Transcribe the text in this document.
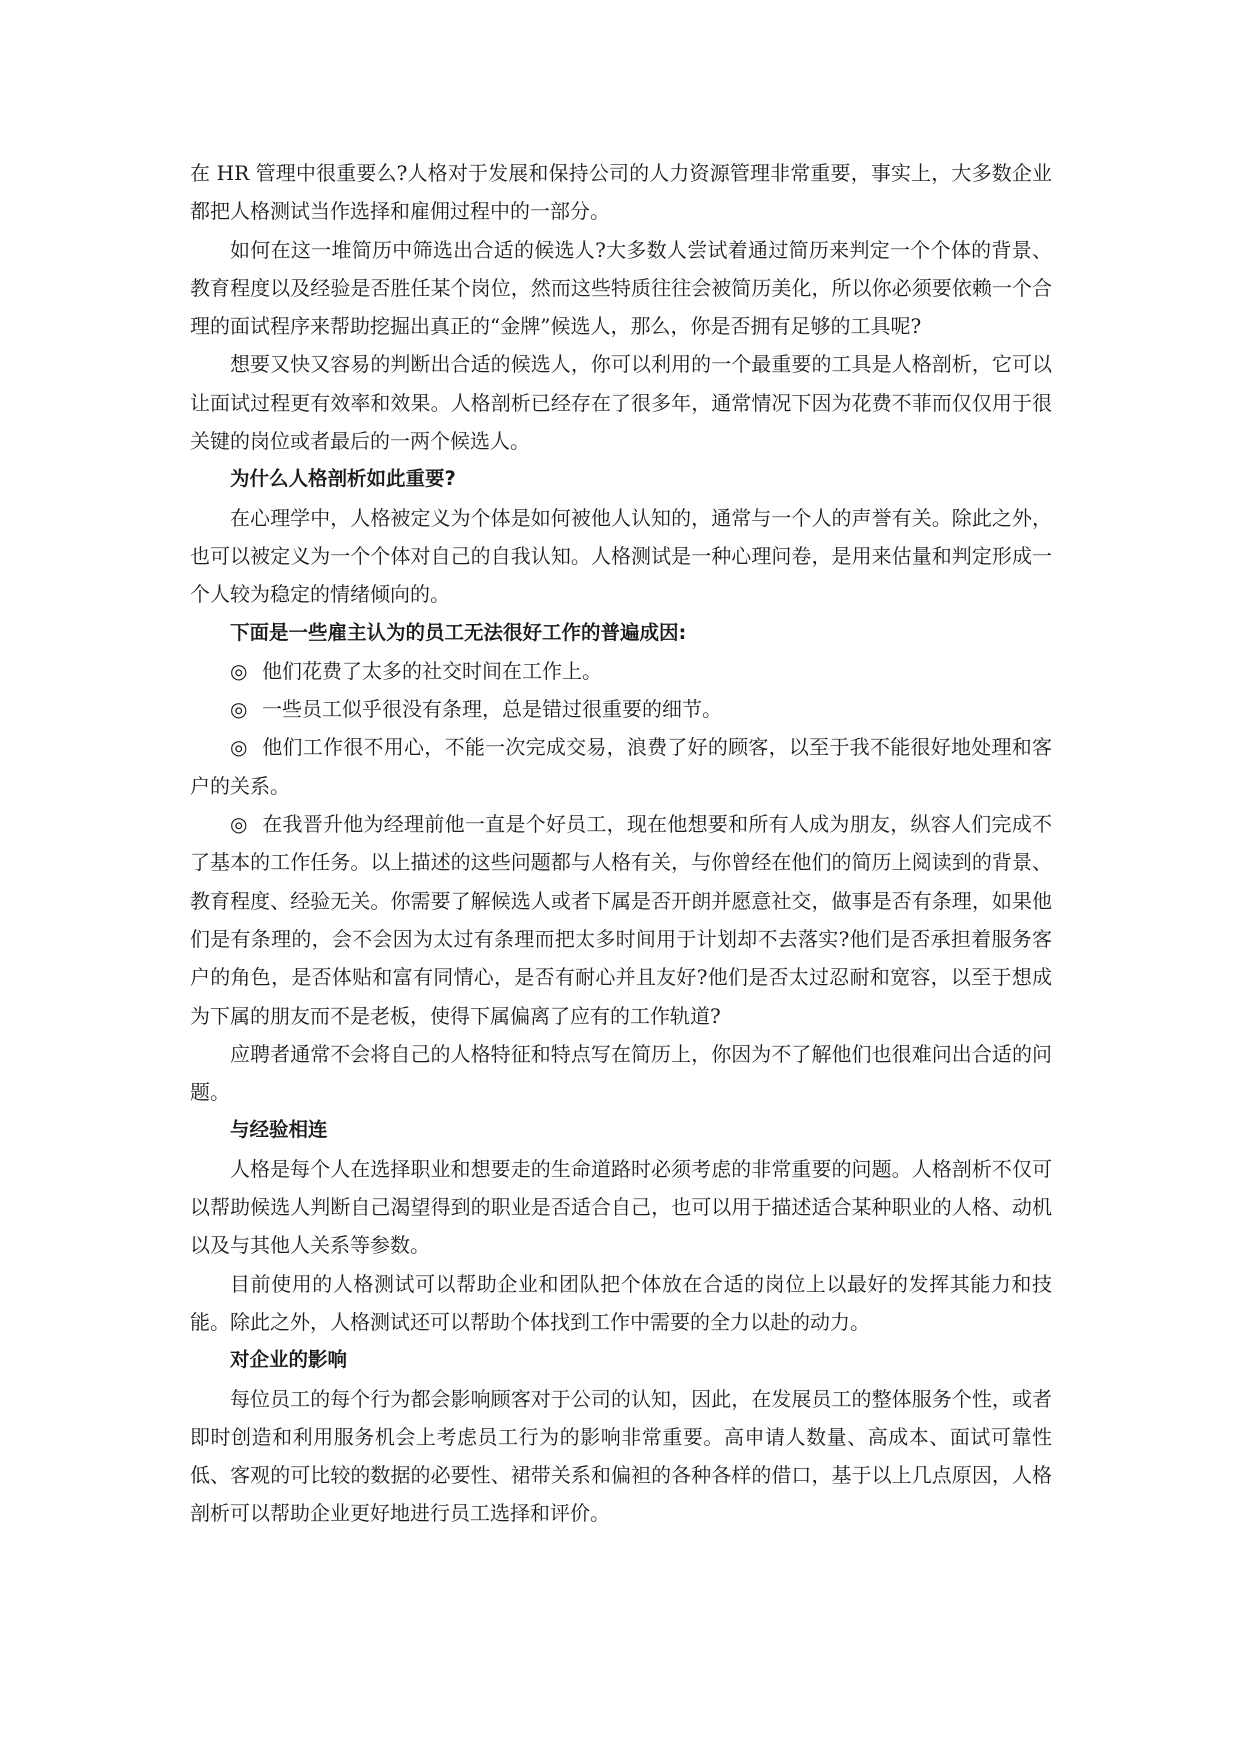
在 HR 管理中很重要么?人格对于发展和保持公司的人力资源管理非常重要，事实上，大多数企业都把人格测试当作选择和雇佣过程中的一部分。

如何在这一堆简历中筛选出合适的候选人?大多数人尝试着通过简历来判定一个个体的背景、教育程度以及经验是否胜任某个岗位，然而这些特质往往会被简历美化，所以你必须要依赖一个合理的面试程序来帮助挖掘出真正的“金牌”候选人，那么，你是否拥有足够的工具呢?

想要又快又容易的判断出合适的候选人，你可以利用的一个最重要的工具是人格剖析，它可以让面试过程更有效率和效果。人格剖析已经存在了很多年，通常情况下因为花费不菲而仅仅用于很关键的岗位或者最后的一两个候选人。

为什么人格剖析如此重要?

在心理学中，人格被定义为个体是如何被他人认知的，通常与一个人的声誉有关。除此之外，也可以被定义为一个个体对自己的自我认知。人格测试是一种心理问卷，是用来估量和判定形成一个人较为稳定的情绪倾向的。

下面是一些雇主认为的员工无法很好工作的普遍成因:

◎ 他们花费了太多的社交时间在工作上。

◎ 一些员工似乎很没有条理，总是错过很重要的细节。

◎ 他们工作很不用心，不能一次完成交易，浪费了好的顾客，以至于我不能很好地处理和客户的关系。

◎ 在我晋升他为经理前他一直是个好员工，现在他想要和所有人成为朋友，纵容人们完成不了基本的工作任务。以上描述的这些问题都与人格有关，与你曾经在他们的简历上阅读到的背景、教育程度、经验无关。你需要了解候选人或者下属是否开朗并愿意社交，做事是否有条理，如果他们是有条理的，会不会因为太过有条理而把太多时间用于计划却不去落实?他们是否承担着服务客户的角色，是否体贴和富有同情心，是否有耐心并且友好?他们是否太过忍耐和宽容，以至于想成为下属的朋友而不是老板，使得下属偏离了应有的工作轨道?

应聘者通常不会将自己的人格特征和特点写在简历上，你因为不了解他们也很难问出合适的问题。

与经验相连

人格是每个人在选择职业和想要走的生命道路时必须考虑的非常重要的问题。人格剖析不仅可以帮助候选人判断自己渴望得到的职业是否适合自己，也可以用于描述适合某种职业的人格、动机以及与其他人关系等参数。

目前使用的人格测试可以帮助企业和团队把个体放在合适的岗位上以最好的发挥其能力和技能。除此之外，人格测试还可以帮助个体找到工作中需要的全力以赴的动力。

对企业的影响

每位员工的每个行为都会影响顾客对于公司的认知，因此，在发展员工的整体服务个性，或者即时创造和利用服务机会上考虑员工行为的影响非常重要。高申请人数量、高成本、面试可靠性低、客观的可比较的数据的必要性、裙带关系和偏袒的各种各样的借口，基于以上几点原因，人格剖析可以帮助企业更好地进行员工选择和评价。
